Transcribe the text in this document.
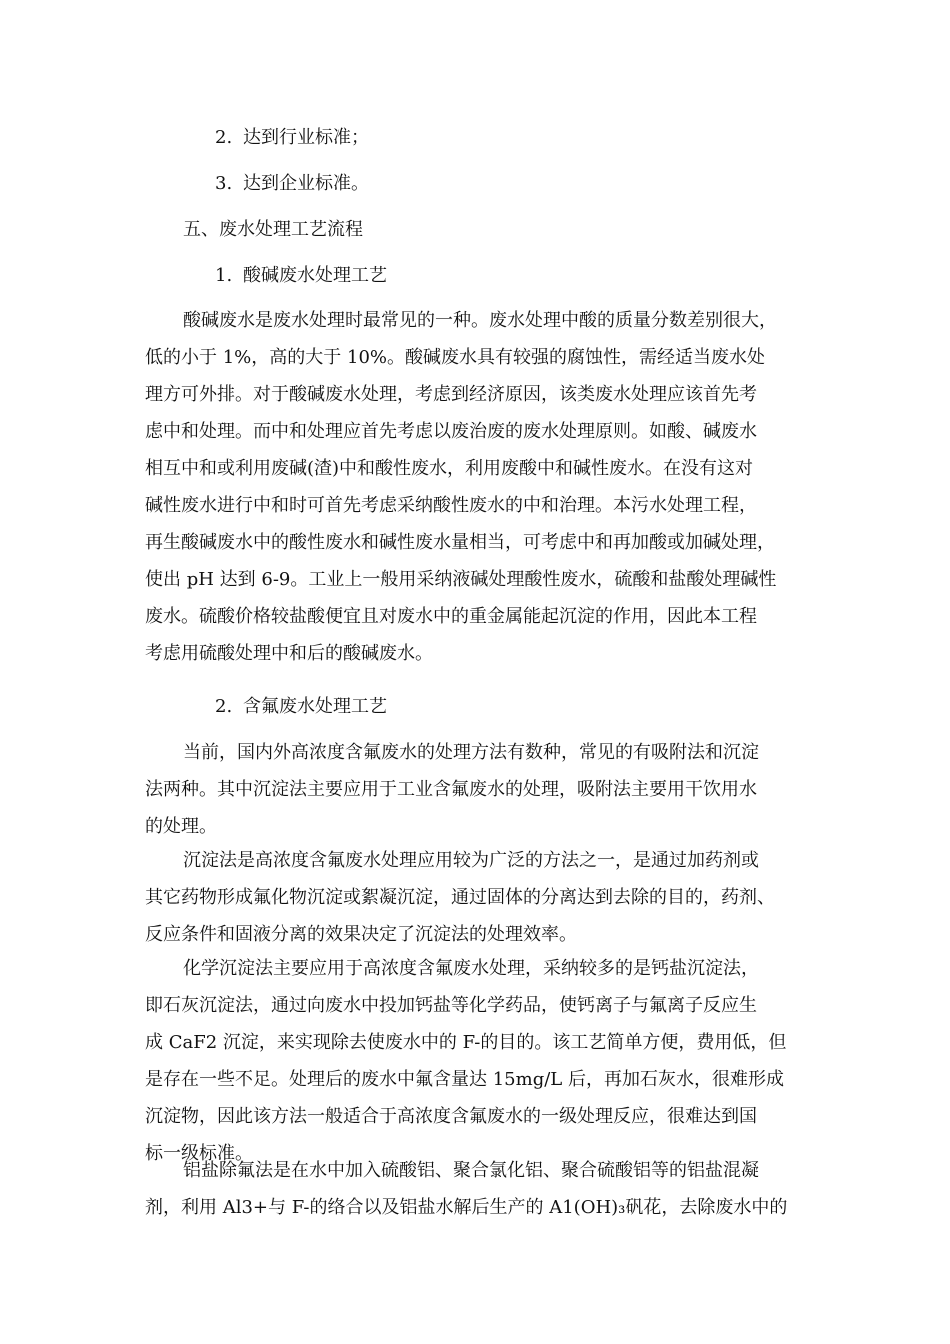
2. 达到行业标准；
3. 达到企业标准。
五、废水处理工艺流程
1. 酸碱废水处理工艺
酸碱废水是废水处理时最常见的一种。废水处理中酸的质量分数差别很大，
低的小于 1%，高的大于 10%。酸碱废水具有较强的腐蚀性，需经适当废水处
理方可外排。对于酸碱废水处理，考虑到经济原因，该类废水处理应该首先考
虑中和处理。而中和处理应首先考虑以废治废的废水处理原则。如酸、碱废水
相互中和或利用废碱(渣)中和酸性废水，利用废酸中和碱性废水。在没有这对
碱性废水进行中和时可首先考虑采纳酸性废水的中和治理。本污水处理工程，
再生酸碱废水中的酸性废水和碱性废水量相当，可考虑中和再加酸或加碱处理，
使出 pH 达到 6-9。工业上一般用采纳液碱处理酸性废水，硫酸和盐酸处理碱性
废水。硫酸价格较盐酸便宜且对废水中的重金属能起沉淀的作用，因此本工程
考虑用硫酸处理中和后的酸碱废水。
2. 含氟废水处理工艺
当前，国内外高浓度含氟废水的处理方法有数种，常见的有吸附法和沉淀
法两种。其中沉淀法主要应用于工业含氟废水的处理，吸附法主要用干饮用水
的处理。
沉淀法是高浓度含氟废水处理应用较为广泛的方法之一，是通过加药剂或
其它药物形成氟化物沉淀或絮凝沉淀，通过固体的分离达到去除的目的，药剂、
反应条件和固液分离的效果决定了沉淀法的处理效率。
化学沉淀法主要应用于高浓度含氟废水处理，采纳较多的是钙盐沉淀法，
即石灰沉淀法，通过向废水中投加钙盐等化学药品，使钙离子与氟离子反应生
成 CaF2 沉淀，来实现除去使废水中的 F-的目的。该工艺简单方便，费用低，但
是存在一些不足。处理后的废水中氟含量达 15mg/L 后，再加石灰水，很难形成
沉淀物，因此该方法一般适合于高浓度含氟废水的一级处理反应，很难达到国
标一级标准。
铝盐除氟法是在水中加入硫酸铝、聚合氯化铝、聚合硫酸铝等的铝盐混凝
剂，利用 Al3+与 F-的络合以及铝盐水解后生产的 A1(OH)₃矾花，去除废水中的
